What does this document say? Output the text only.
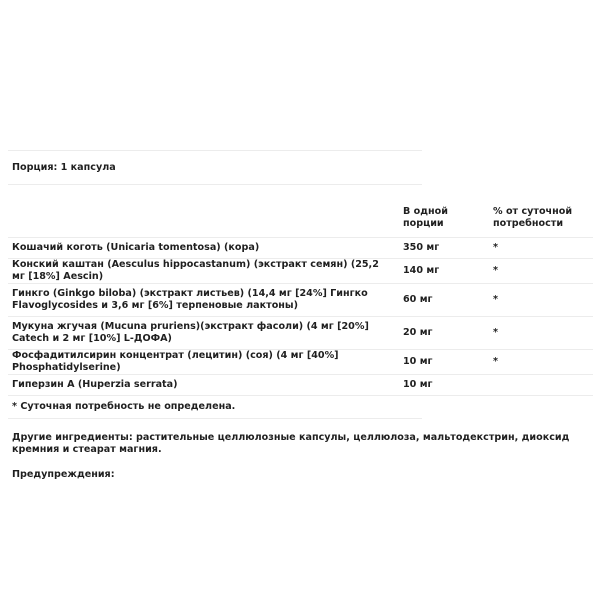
Порция: 1 капсула
	В одной порции	% от суточной потребности
Кошачий коготь (Unicaria tomentosa) (кора)	350 мг	*
Конский каштан (Aesculus hippocastanum) (экстракт семян) (25,2 мг [18%] Aescin)	140 мг	*
Гинкго (Ginkgo biloba) (экстракт листьев) (14,4 мг [24%] Гингко Flavoglycosides и 3,6 мг [6%] терпеновые лактоны)	60 мг	*
Мукуна жгучая (Mucuna pruriens)(экстракт фасоли) (4 мг [20%] Catech и 2 мг [10%] L-ДОФА)	20 мг	*
Фосфадитилсирин концентрат (лецитин) (соя) (4 мг [40%] Phosphatidylserine)	10 мг	*
Гиперзин А (Huperzia serrata)	10 мг	
* Суточная потребность не определена.
Другие ингредиенты: растительные целлюлозные капсулы, целлюлоза, мальтодекстрин, диоксид кремния и стеарат магния.
Предупреждения:
